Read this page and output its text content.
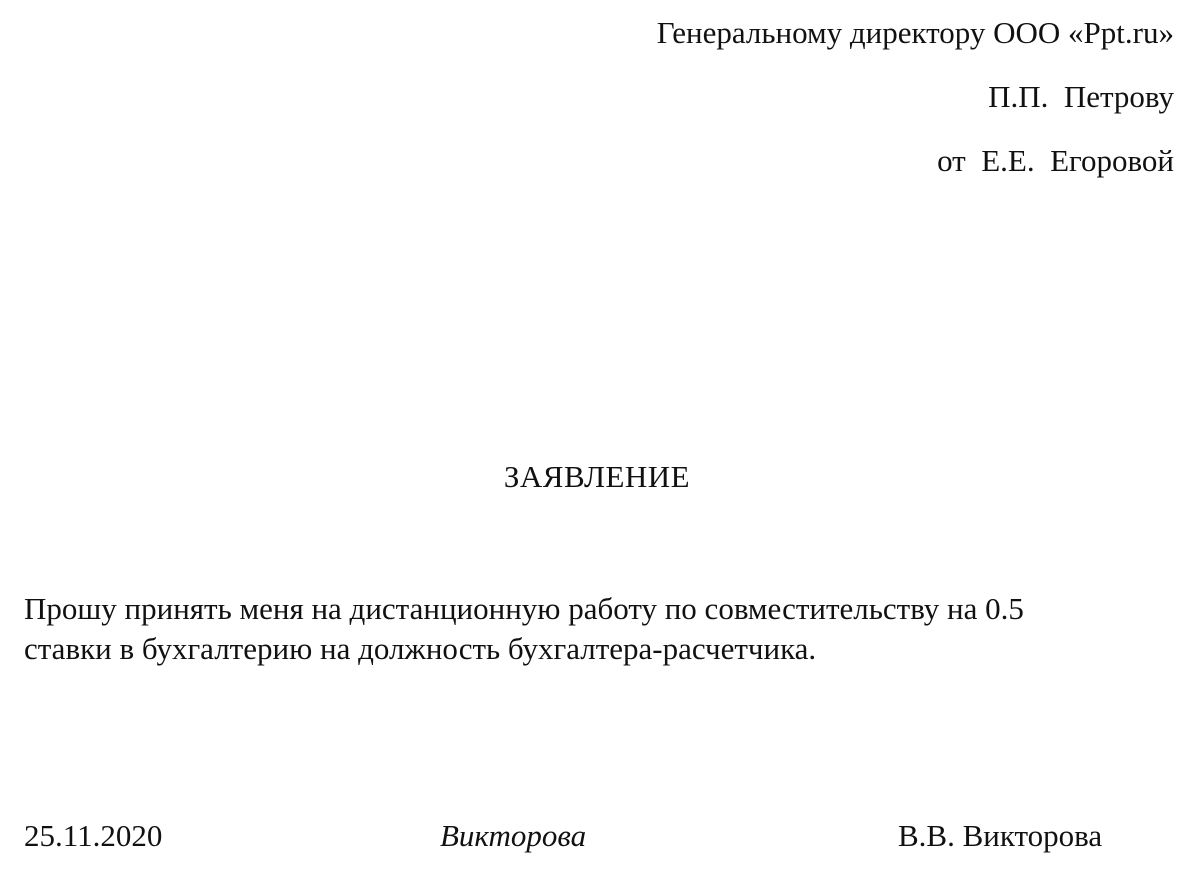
Генеральному директору ООО «Ppt.ru»
П.П.  Петрову
от  Е.Е.  Егоровой
ЗАЯВЛЕНИЕ
Прошу принять меня на дистанционную работу по совместительству на 0.5
ставки в бухгалтерию на должность бухгалтера-расчетчика.
25.11.2020	Викторова	В.В. Викторова
